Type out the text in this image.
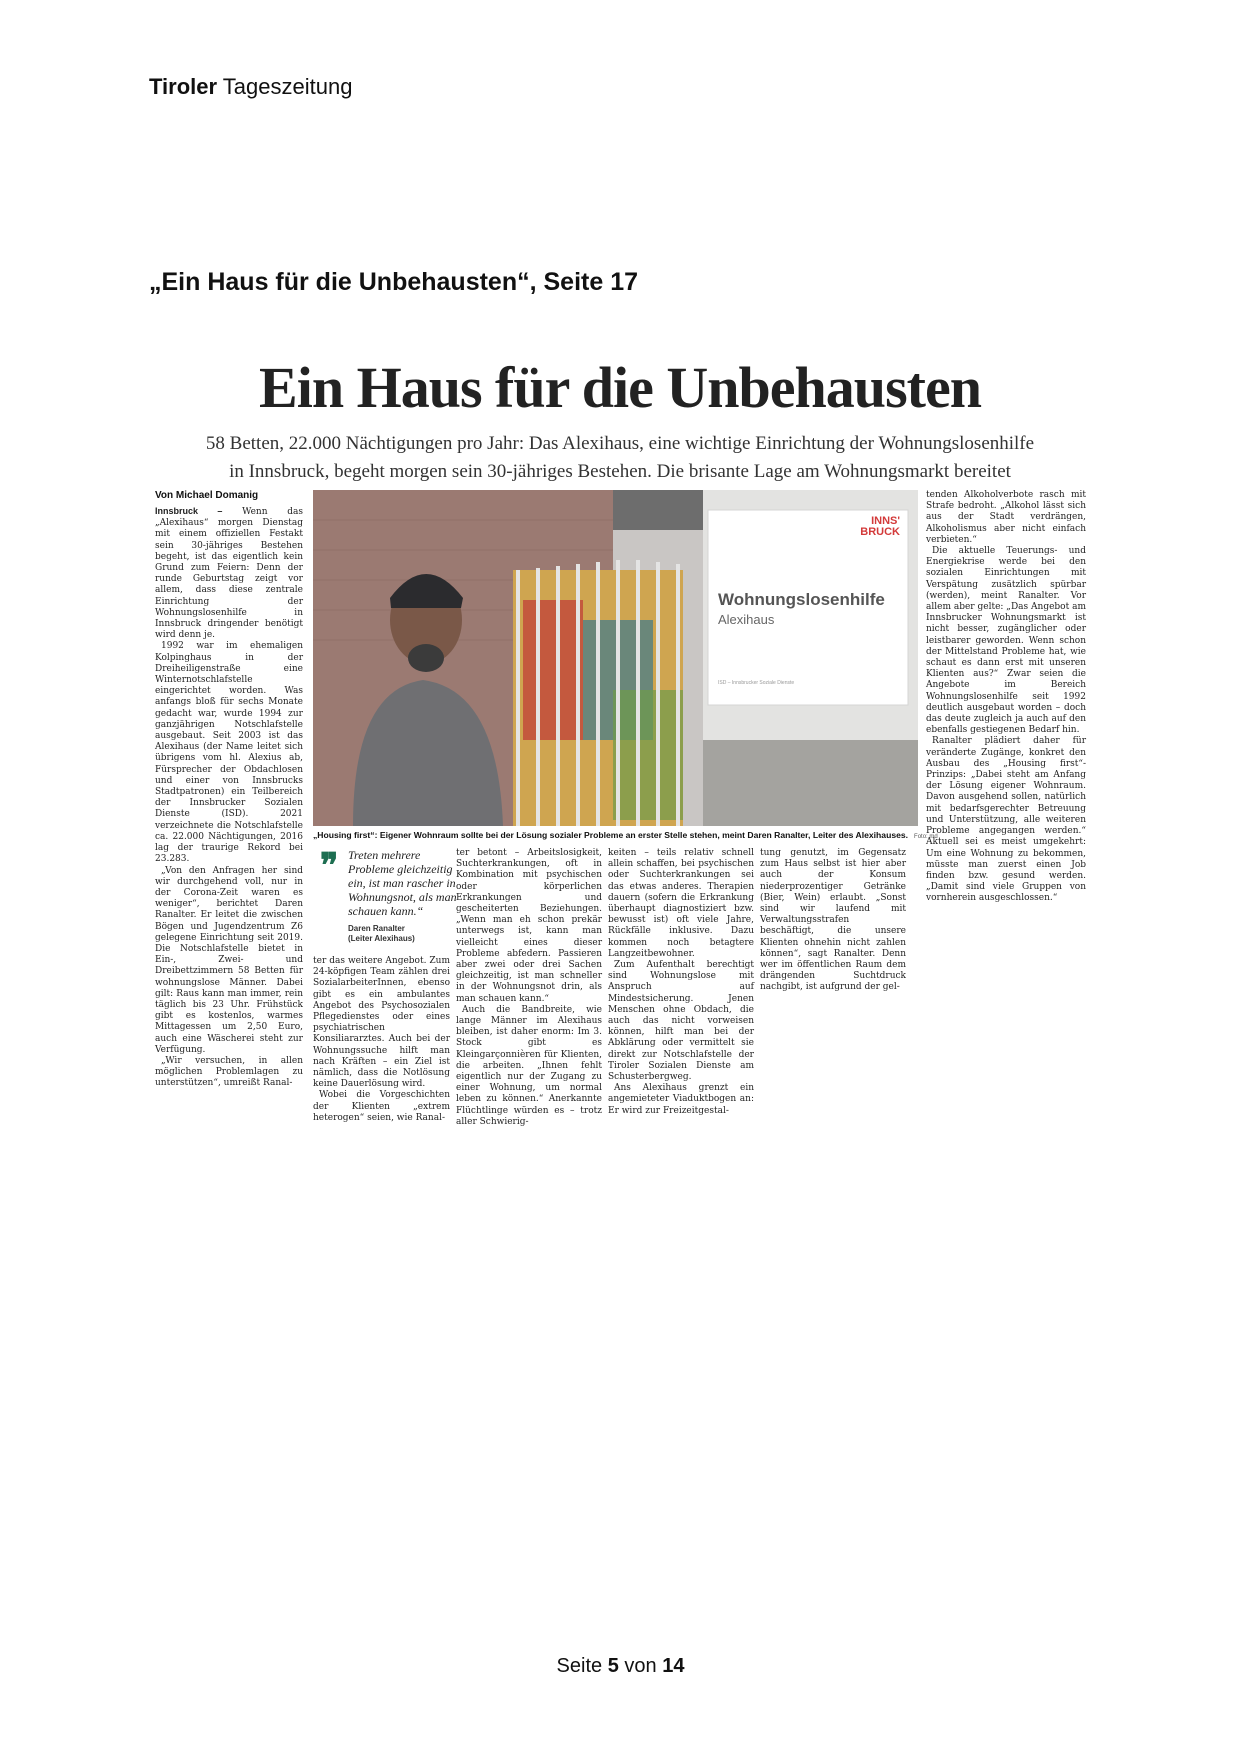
Tiroler Tageszeitung
„Ein Haus für die Unbehausten“, Seite 17
Ein Haus für die Unbehausten
58 Betten, 22.000 Nächtigungen pro Jahr: Das Alexihaus, eine wichtige Einrichtung der Wohnungslosenhilfe in Innsbruck, begeht morgen sein 30-jähriges Bestehen. Die brisante Lage am Wohnungsmarkt bereitet
Von Michael Domanig

Innsbruck – Wenn das „Alexihaus“ morgen Dienstag mit einem offiziellen Festakt sein 30-jähriges Bestehen begeht, ist das eigentlich kein Grund zum Feiern: Denn der runde Geburtstag zeigt vor allem, dass diese zentrale Einrichtung der Wohnungslosenhilfe in Innsbruck dringender benötigt wird denn je.

1992 war im ehemaligen Kolpinghaus in der Dreiheiligenstraße eine Winternotschlafstelle eingerichtet worden. Was anfangs bloß für sechs Monate gedacht war, wurde 1994 zur ganzjährigen Notschlafstelle ausgebaut. Seit 2003 ist das Alexihaus (der Name leitet sich übrigens vom hl. Alexius ab, Fürsprecher der Obdachlosen und einer von Innsbrucks Stadtpatronen) ein Teilbereich der Innsbrucker Sozialen Dienste (ISD). 2021 verzeichnete die Notschlafstelle ca. 22.000 Nächtigungen, 2016 lag der traurige Rekord bei 23.283.

„Von den Anfragen her sind wir durchgehend voll, nur in der Corona-Zeit waren es weniger“, berichtet Daren Ranalter. Er leitet die zwischen Bögen und Jugendzentrum Z6 gelegene Einrichtung seit 2019. Die Notschlafstelle bietet in Ein-, Zwei- und Dreibettzimmern 58 Betten für wohnungslose Männer. Dabei gilt: Raus kann man immer, rein täglich bis 23 Uhr. Frühstück gibt es kostenlos, warmes Mittagessen um 2,50 Euro, auch eine Wäscherei steht zur Verfügung.

„Wir versuchen, in allen möglichen Problemlagen zu unterstützen“, umreißt Ranal-

INNS'
BRUCK
Wohnungslosenhilfe
Alexihaus
ISD – Innsbrucker Soziale Dienste
„Housing first“: Eigener Wohnraum sollte bei der Lösung sozialer Probleme an erster Stelle stehen, meint Daren Ranalter, Leiter des Alexihauses. Foto: md
❞ Treten mehrere Probleme gleichzeitig ein, ist man rascher in Wohnungsnot, als man schauen kann.“
Daren Ranalter
(Leiter Alexihaus)

ter das weitere Angebot. Zum 24-köpfigen Team zählen drei SozialarbeiterInnen, ebenso gibt es ein ambulantes Angebot des Psychosozialen Pflegedienstes oder eines psychiatrischen Konsiliararztes. Auch bei der Wohnungssuche hilft man nach Kräften – ein Ziel ist nämlich, dass die Notlösung keine Dauerlösung wird.

Wobei die Vorgeschichten der Klienten „extrem heterogen“ seien, wie Ranal-

ter betont – Arbeitslosigkeit, Suchterkrankungen, oft in Kombination mit psychischen oder körperlichen Erkrankungen und gescheiterten Beziehungen. „Wenn man eh schon prekär unterwegs ist, kann man vielleicht eines dieser Probleme abfedern. Passieren aber zwei oder drei Sachen gleichzeitig, ist man schneller in der Wohnungsnot drin, als man schauen kann.“

Auch die Bandbreite, wie lange Männer im Alexihaus bleiben, ist daher enorm: Im 3. Stock gibt es Kleingarçonnièren für Klienten, die arbeiten. „Ihnen fehlt eigentlich nur der Zugang zu einer Wohnung, um normal leben zu können.“ Anerkannte Flüchtlinge würden es – trotz aller Schwierig-

keiten – teils relativ schnell allein schaffen, bei psychischen oder Suchterkrankungen sei das etwas anderes. Therapien dauern (sofern die Erkrankung überhaupt diagnostiziert bzw. bewusst ist) oft viele Jahre, Rückfälle inklusive. Dazu kommen noch betagtere Langzeitbewohner.

Zum Aufenthalt berechtigt sind Wohnungslose mit Anspruch auf Mindestsicherung. Jenen Menschen ohne Obdach, die auch das nicht vorweisen können, hilft man bei der Abklärung oder vermittelt sie direkt zur Notschlafstelle der Tiroler Sozialen Dienste am Schusterbergweg.

Ans Alexihaus grenzt ein angemieteter Viaduktbogen an: Er wird zur Freizeitgestal-

tung genutzt, im Gegensatz zum Haus selbst ist hier aber auch der Konsum niederprozentiger Getränke (Bier, Wein) erlaubt. „Sonst sind wir laufend mit Verwaltungsstrafen beschäftigt, die unsere Klienten ohnehin nicht zahlen können“, sagt Ranalter. Denn wer im öffentlichen Raum dem drängenden Suchtdruck nachgibt, ist aufgrund der gel-

tenden Alkoholverbote rasch mit Strafe bedroht. „Alkohol lässt sich aus der Stadt verdrängen, Alkoholismus aber nicht einfach verbieten.“

Die aktuelle Teuerungs- und Energiekrise werde bei den sozialen Einrichtungen mit Verspätung zusätzlich spürbar (werden), meint Ranalter. Vor allem aber gelte: „Das Angebot am Innsbrucker Wohnungsmarkt ist nicht besser, zugänglicher oder leistbarer geworden. Wenn schon der Mittelstand Probleme hat, wie schaut es dann erst mit unseren Klienten aus?“ Zwar seien die Angebote im Bereich Wohnungslosenhilfe seit 1992 deutlich ausgebaut worden – doch das deute zugleich ja auch auf den ebenfalls gestiegenen Bedarf hin.

Ranalter plädiert daher für veränderte Zugänge, konkret den Ausbau des „Housing first“-Prinzips: „Dabei steht am Anfang der Lösung eigener Wohnraum. Davon ausgehend sollen, natürlich mit bedarfsgerechter Betreuung und Unterstützung, alle weiteren Probleme angegangen werden.“ Aktuell sei es meist umgekehrt: Um eine Wohnung zu bekommen, müsste man zuerst einen Job finden bzw. gesund werden. „Damit sind viele Gruppen von vornherein ausgeschlossen.“

Seite 5 von 14
